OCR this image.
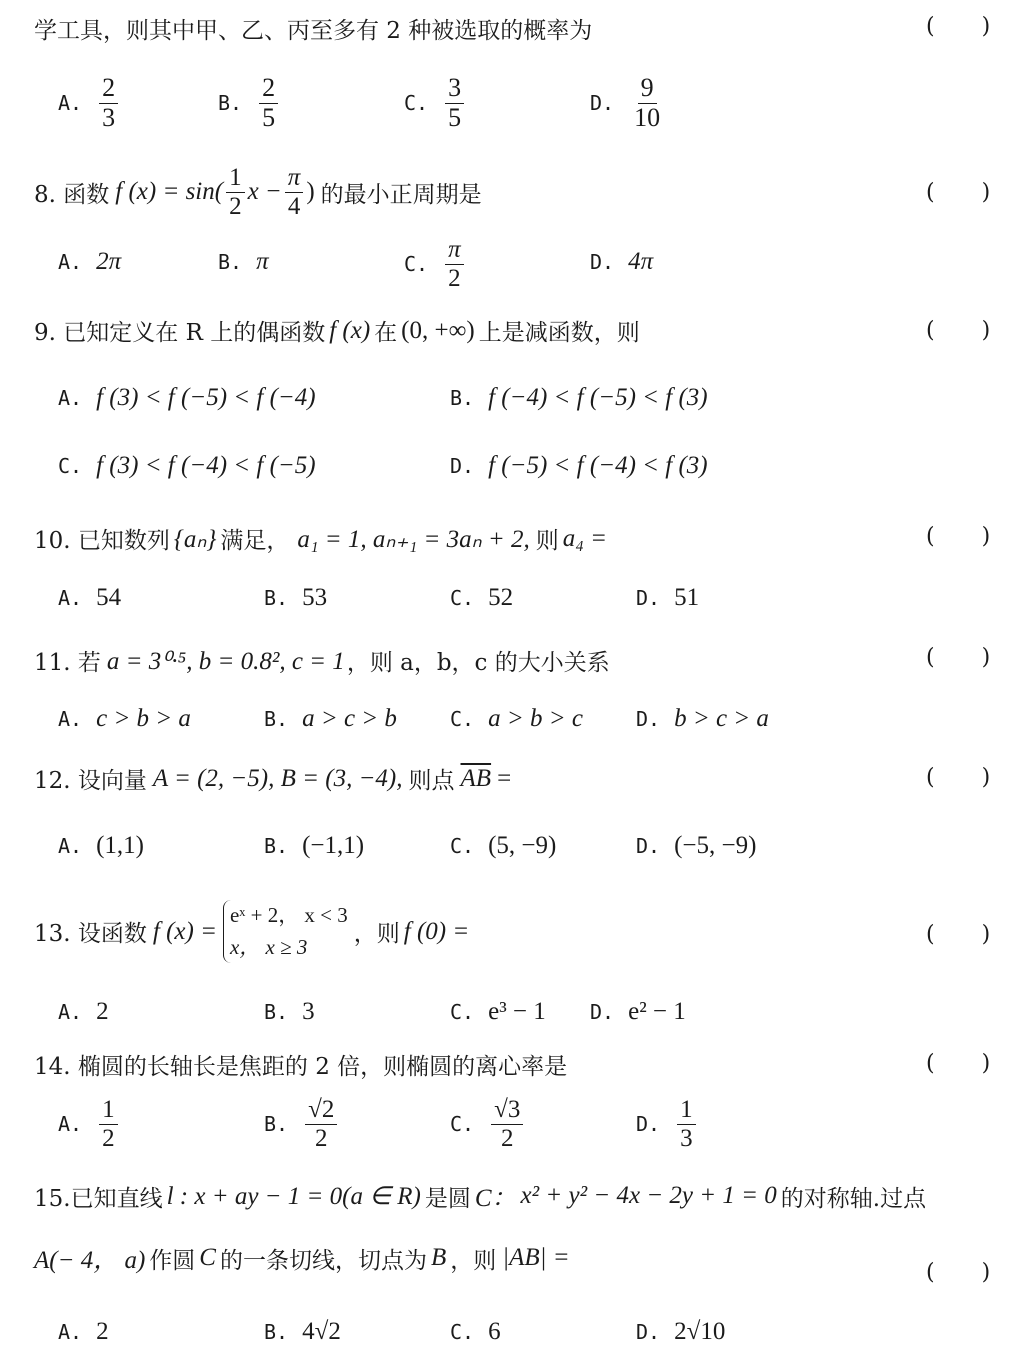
学工具，则其中甲、乙、丙至多有 2 种被选取的概率为	( )
A. $\frac{2}{3}$	B. $\frac{2}{5}$	C. $\frac{3}{5}$	D. $\frac{9}{10}$
8. 函数 f $(x) = \sin( \frac{1}{2}$ $x - \frac{\pi}{4}$ ) 的最小正周期是	( )
A. 2π	B. π	C. $\frac{\pi}{2}$	D. 4π
9. 已知定义在 R 上的偶函数 f (x) 在 (0, +∞) 上是减函数，则	( )
A. f (3) < f (−5) < f (−4)	B. f (−4) < f (−5) < f (3)
C. f (3) < f (−4) < f (−5)	D. f (−5) < f (−4) < f (3)
10. 已知数列 {aₙ} 满足， a₁ = 1, aₙ₊₁ = 3aₙ + 2, 则 a₄ =	( )
A. 54	B. 53	C. 52	D. 51
11. 若 a = 3⁰·⁵, b = 0.8², c = 1 ，则 a，b，c 的大小关系	( )
A. c > b > a	B. a > c > b	C. a > b > c	D. b > c > a
12. 设向量 A = (2, −5), B = (3, −4), 则点 $\overline{AB}$ =	( )
A. (1,1)	B. (−1,1)	C. (5, −9)	D. (−5, −9)
13. 设函数 f (x) =
eˣ + 2， x < 3
x， x ≥ 3	，则 f (0) =	( )
A. 2	B. 3	C. e³ − 1 D. e² − 1
14. 椭圆的长轴长是焦距的 2 倍，则椭圆的离心率是	( )
A. $\frac{1}{2}$	B. $\frac{√2}{2}$	C. $\frac{√3}{2}$	D. $\frac{1}{3}$
15.已知直线 l : x + ay − 1 = 0(a ∈ R) 是圆 C： x² + y² − 4x − 2y + 1 = 0 的对称轴.过点
A(− 4， a) 作圆 C 的一条切线，切点为 B ，则 |AB| =
( )
A. 2	B. 4√2	C. 6	D. 2√10
